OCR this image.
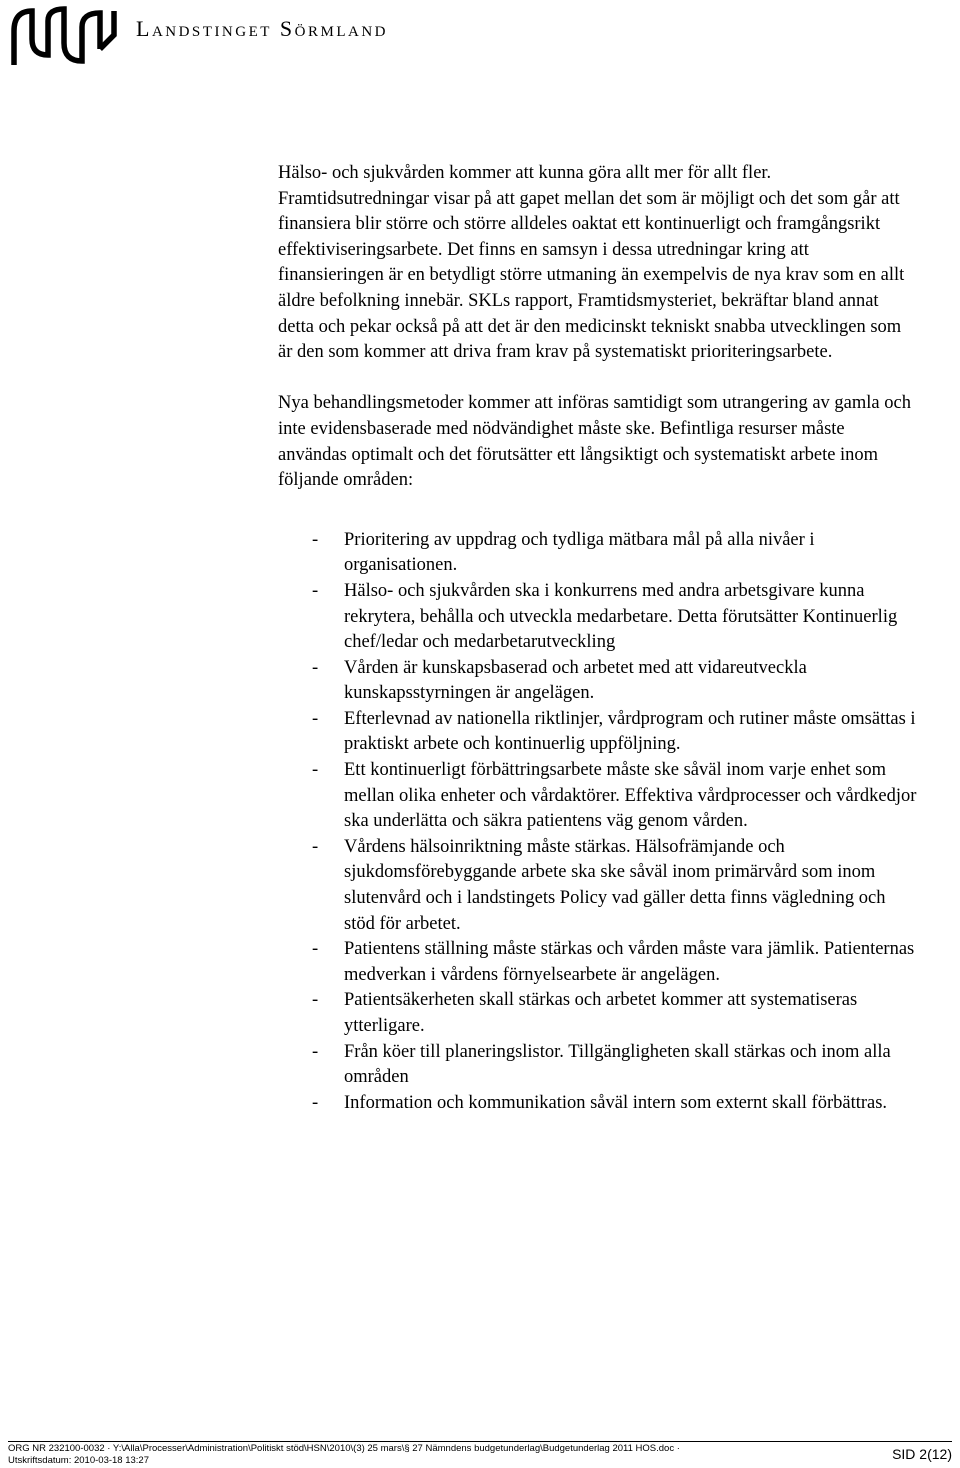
Landstinget Sörmland

Hälso- och sjukvården kommer att kunna göra allt mer för allt fler. Framtidsutredningar visar på att gapet mellan det som är möjligt och det som går att finansiera blir större och större alldeles oaktat ett kontinuerligt och framgångsrikt effektiviseringsarbete. Det finns en samsyn i dessa utredningar kring att finansieringen är en betydligt större utmaning än exempelvis de nya krav som en allt äldre befolkning innebär. SKLs rapport, Framtidsmysteriet, bekräftar bland annat detta och pekar också på att det är den medicinskt tekniskt snabba utvecklingen som är den som kommer att driva fram krav på systematiskt prioriteringsarbete.

Nya behandlingsmetoder kommer att införas samtidigt som utrangering av gamla och inte evidensbaserade med nödvändighet måste ske. Befintliga resurser måste användas optimalt och det förutsätter ett långsiktigt och systematiskt arbete inom följande områden:

- Prioritering av uppdrag och tydliga mätbara mål på alla nivåer i organisationen.
- Hälso- och sjukvården ska i konkurrens med andra arbetsgivare kunna rekrytera, behålla och utveckla medarbetare. Detta förutsätter Kontinuerlig chef/ledar och medarbetarutveckling
- Vården är kunskapsbaserad och arbetet med att vidareutveckla kunskapsstyrningen är angelägen.
- Efterlevnad av nationella riktlinjer, vårdprogram och rutiner måste omsättas i praktiskt arbete och kontinuerlig uppföljning.
- Ett kontinuerligt förbättringsarbete måste ske såväl inom varje enhet som mellan olika enheter och vårdaktörer. Effektiva vårdprocesser och vårdkedjor ska underlätta och säkra patientens väg genom vården.
- Vårdens hälsoinriktning måste stärkas. Hälsofrämjande och sjukdomsförebyggande arbete ska ske såväl inom primärvård som inom slutenvård och i landstingets Policy vad gäller detta finns vägledning och stöd för arbetet.
- Patientens ställning måste stärkas och vården måste vara jämlik. Patienternas medverkan i vårdens förnyelsearbete är angelägen.
- Patientsäkerheten skall stärkas och arbetet kommer att systematiseras ytterligare.
- Från köer till planeringslistor. Tillgängligheten skall stärkas och inom alla områden
- Information och kommunikation såväl intern som externt skall förbättras.
ORG NR 232100-0032 · Y:\Alla\Processer\Administration\Politiskt stöd\HSN\2010\(3) 25 mars\§ 27 Nämndens budgetunderlag\Budgetunderlag 2011 HOS.doc ·
Utskriftsdatum: 2010-03-18 13:27	SID 2(12)
